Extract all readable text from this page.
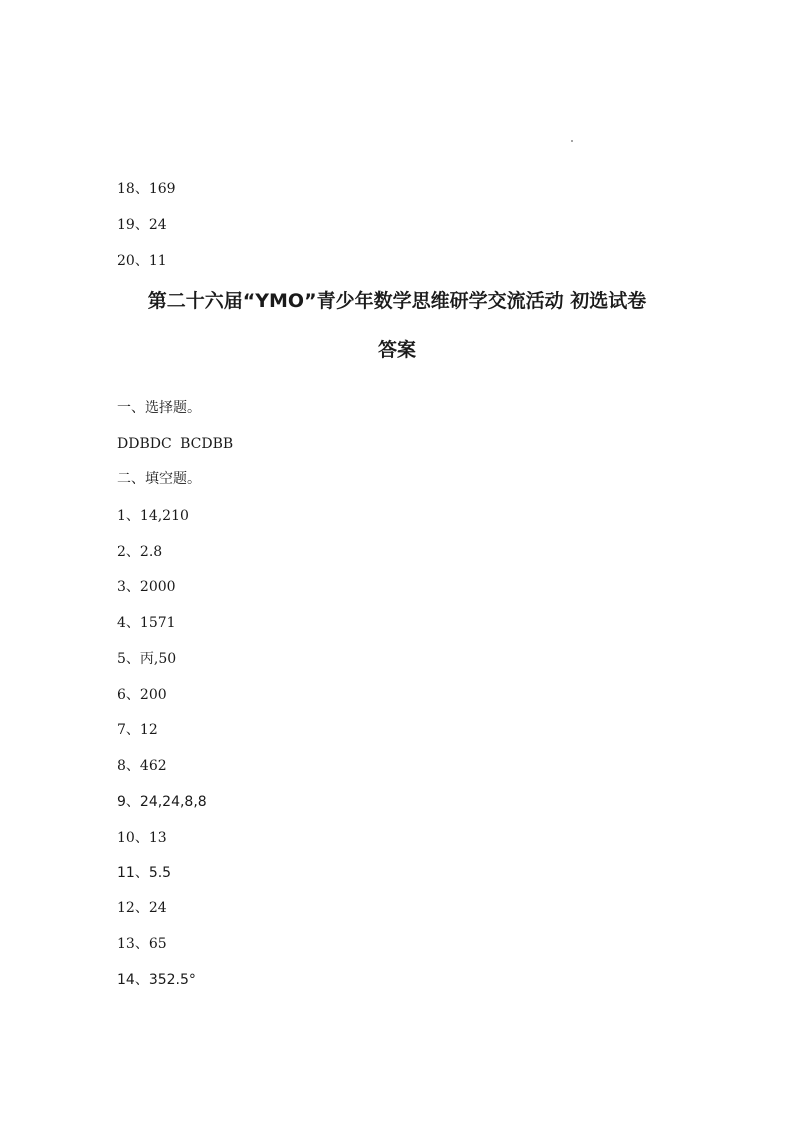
18、169
19、24
20、11
第二十六届“YMO”青少年数学思维研学交流活动 初选试卷
答案
一、选择题。
DDBDC BCDBB
二、填空题。
1、14,210
2、2.8
3、2000
4、1571
5、丙,50
6、200
7、12
8、462
9、24,24,8,8
10、13
11、5.5
12、24
13、65
14、352.5°
